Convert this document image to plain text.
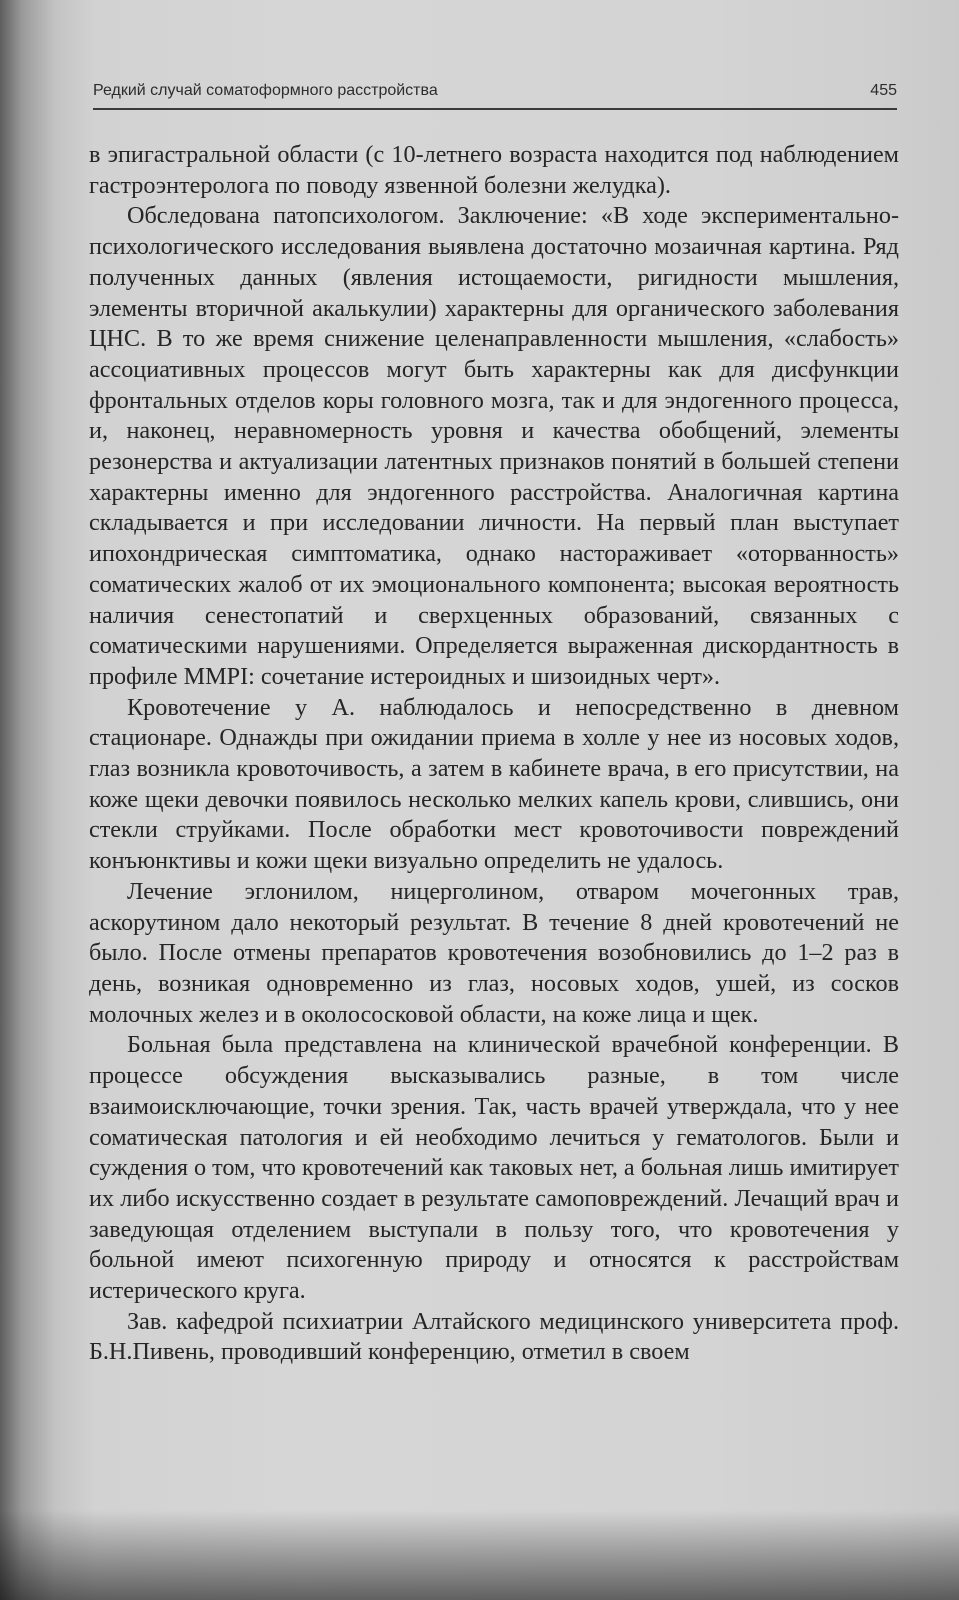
Редкий случай соматоформного расстройства	455

в эпигастральной области (с 10-летнего возраста находится под наблюдением гастроэнтеролога по поводу язвенной болезни желудка).

Обследована патопсихологом. Заключение: «В ходе экспериментально-психологического исследования выявлена достаточно мозаичная картина. Ряд полученных данных (явления истощаемости, ригидности мышления, элементы вторичной акалькулии) характерны для органического заболевания ЦНС. В то же время снижение целенаправленности мышления, «слабость» ассоциативных процессов могут быть характерны как для дисфункции фронтальных отделов коры головного мозга, так и для эндогенного процесса, и, наконец, неравномерность уровня и качества обобщений, элементы резонерства и актуализации латентных признаков понятий в большей степени характерны именно для эндогенного расстройства. Аналогичная картина складывается и при исследовании личности. На первый план выступает ипохондрическая симптоматика, однако настораживает «оторванность» соматических жалоб от их эмоционального компонента; высокая вероятность наличия сенестопатий и сверхценных образований, связанных с соматическими нарушениями. Определяется выраженная дискордантность в профиле MMPI: сочетание истероидных и шизоидных черт».

Кровотечение у А. наблюдалось и непосредственно в дневном стационаре. Однажды при ожидании приема в холле у нее из носовых ходов, глаз возникла кровоточивость, а затем в кабинете врача, в его присутствии, на коже щеки девочки появилось несколько мелких капель крови, слившись, они стекли струйками. После обработки мест кровоточивости повреждений конъюнктивы и кожи щеки визуально определить не удалось.

Лечение эглонилом, ницерголином, отваром мочегонных трав, аскорутином дало некоторый результат. В течение 8 дней кровотечений не было. После отмены препаратов кровотечения возобновились до 1–2 раз в день, возникая одновременно из глаз, носовых ходов, ушей, из сосков молочных желез и в околососковой области, на коже лица и щек.

Больная была представлена на клинической врачебной конференции. В процессе обсуждения высказывались разные, в том числе взаимоисключающие, точки зрения. Так, часть врачей утверждала, что у нее соматическая патология и ей необходимо лечиться у гематологов. Были и суждения о том, что кровотечений как таковых нет, а больная лишь имитирует их либо искусственно создает в результате самоповреждений. Лечащий врач и заведующая отделением выступали в пользу того, что кровотечения у больной имеют психогенную природу и относятся к расстройствам истерического круга.

Зав. кафедрой психиатрии Алтайского медицинского университета проф. Б.Н.Пивень, проводивший конференцию, отметил в своем
